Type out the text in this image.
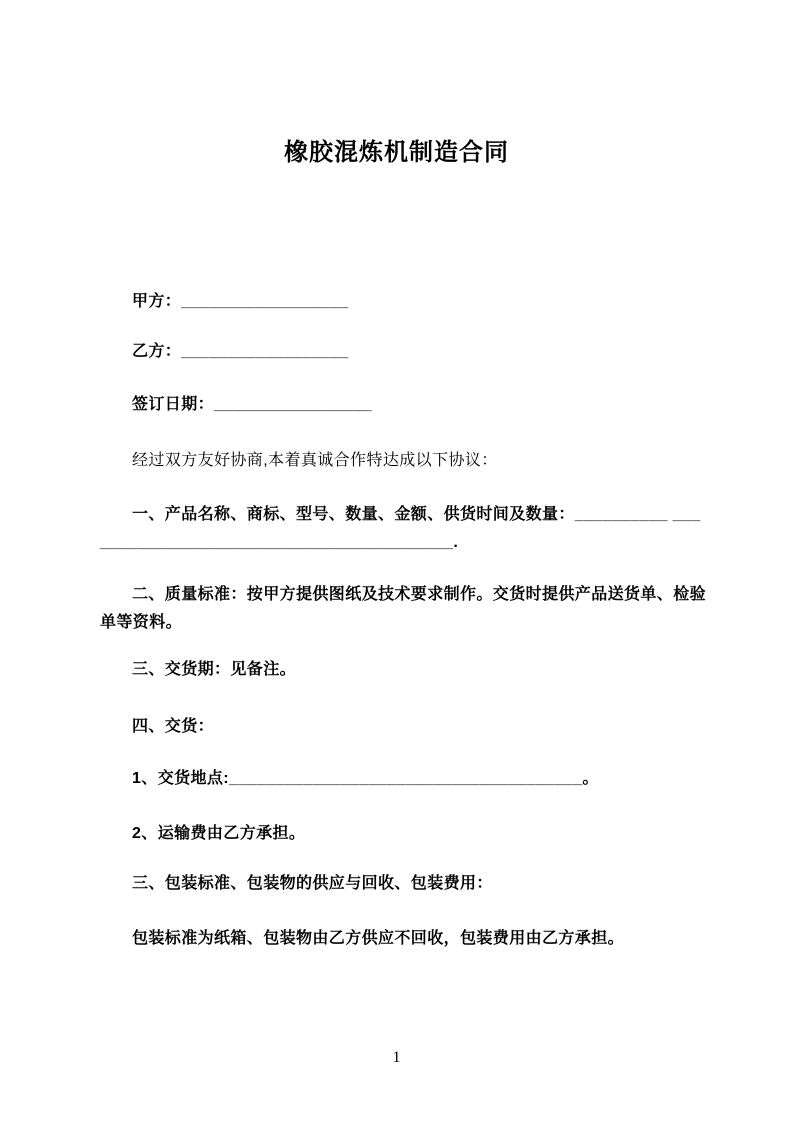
橡胶混炼机制造合同
甲方：__________________
乙方：__________________
签订日期：_________________
经过双方友好协商,本着真诚合作特达成以下协议：
一、产品名称、商标、型号、数量、金额、供货时间及数量：__________ ___
______________________________________.
二、质量标准：按甲方提供图纸及技术要求制作。交货时提供产品送货单、检验
单等资料。
三、交货期：见备注。
四、交货：
1、交货地点:______________________________________。
2、运输费由乙方承担。
三、包装标准、包装物的供应与回收、包装费用：
包装标准为纸箱、包装物由乙方供应不回收，包装费用由乙方承担。
1
